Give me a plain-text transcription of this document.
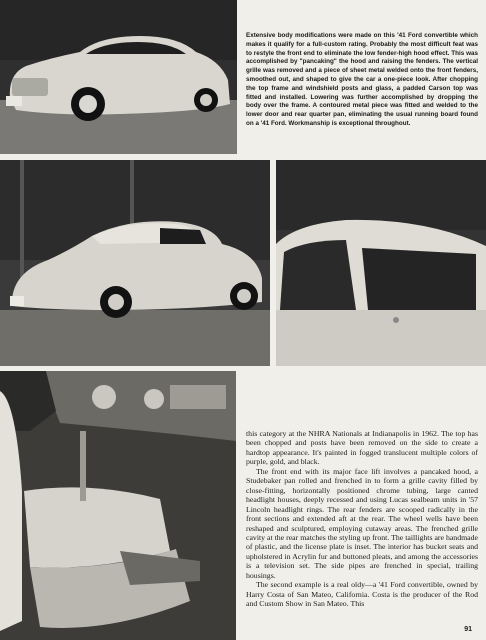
Extensive body modifications were made on this '41 Ford convertible which makes it qualify for a full-custom rating. Probably the most difficult feat was to restyle the front end to eliminate the low fender-high hood effect. This was accomplished by "pancaking" the hood and raising the fenders. The vertical grille was removed and a piece of sheet metal welded onto the front fenders, smoothed out, and shaped to give the car a one-piece look. After chopping the top frame and windshield posts and glass, a padded Carson top was fitted and installed. Lowering was further accomplished by dropping the body over the frame. A contoured metal piece was fitted and welded to the lower door and rear quarter pan, eliminating the usual running board found on a '41 Ford. Workmanship is exceptional throughout.

this category at the NHRA Nationals at Indianapolis in 1962. The top has been chopped and posts have been removed on the side to create a hardtop appearance. It's painted in fogged translucent multiple colors of purple, gold, and black.

The front end with its major face lift involves a pancaked hood, a Studebaker pan rolled and frenched in to form a grille cavity filled by close-fitting, horizontally positioned chrome tubing, large canted headlight houses, deeply recessed and using Lucas sealbeam units in '57 Lincoln headlight rings. The rear fenders are scooped radically in the front sections and extended aft at the rear. The wheel wells have been reshaped and sculptured, employing cutaway areas. The frenched grille cavity at the rear matches the styling up front. The taillights are handmade of plastic, and the license plate is inset. The interior has bucket seats and upholstered in Acrylin fur and buttoned pleats, and among the accessories is a television set. The side pipes are frenched in special, trailing housings.

The second example is a real oldy—a '41 Ford convertible, owned by Harry Costa of San Mateo, California. Costa is the producer of the Rod and Custom Show in San Mateo. This

91
